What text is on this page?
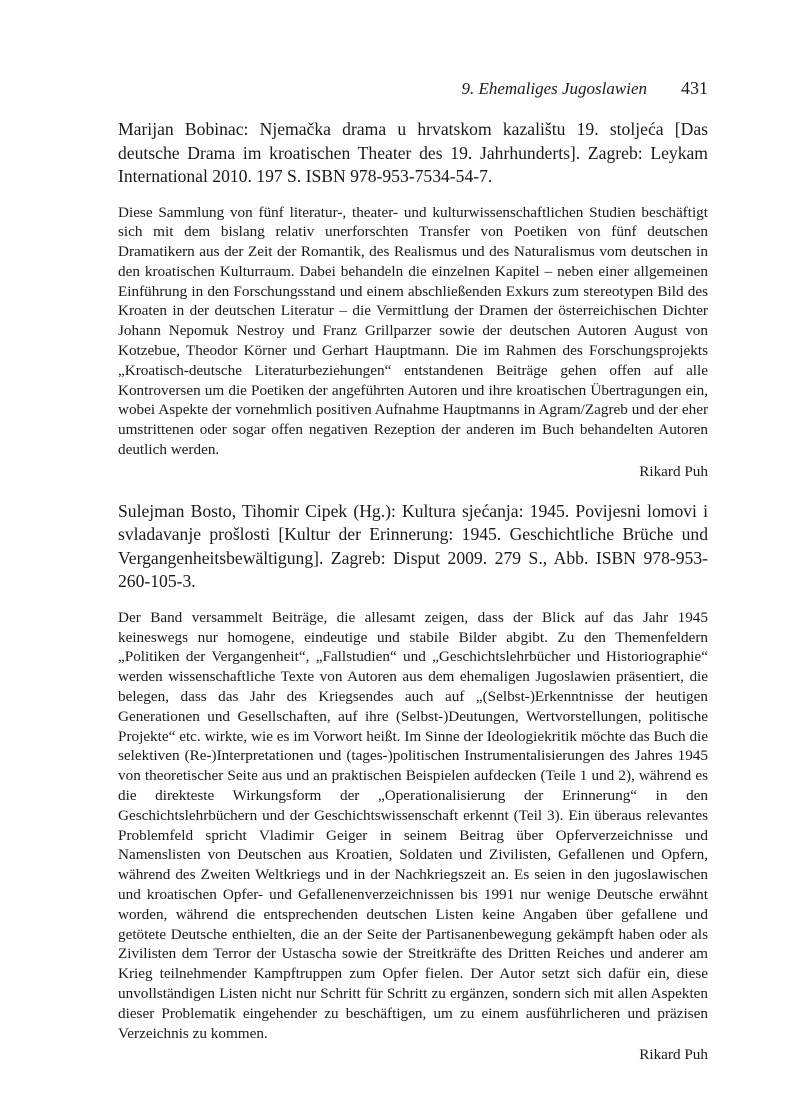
9. Ehemaliges Jugoslawien 431

Marijan Bobinac: Njemačka drama u hrvatskom kazalištu 19. stoljeća [Das deutsche Drama im kroatischen Theater des 19. Jahrhunderts]. Zagreb: Leykam International 2010. 197 S. ISBN 978-953-7534-54-7.

Diese Sammlung von fünf literatur-, theater- und kulturwissenschaftlichen Studien beschäftigt sich mit dem bislang relativ unerforschten Transfer von Poetiken von fünf deutschen Dramatikern aus der Zeit der Romantik, des Realismus und des Naturalismus vom deutschen in den kroatischen Kulturraum. Dabei behandeln die einzelnen Kapitel – neben einer allgemeinen Einführung in den Forschungsstand und einem abschließenden Exkurs zum stereotypen Bild des Kroaten in der deutschen Literatur – die Vermittlung der Dramen der österreichischen Dichter Johann Nepomuk Nestroy und Franz Grillparzer sowie der deutschen Autoren August von Kotzebue, Theodor Körner und Gerhart Hauptmann. Die im Rahmen des Forschungsprojekts „Kroatisch-deutsche Literaturbeziehungen“ entstandenen Beiträge gehen offen auf alle Kontroversen um die Poetiken der angeführten Autoren und ihre kroatischen Übertragungen ein, wobei Aspekte der vornehmlich positiven Aufnahme Hauptmanns in Agram/Zagreb und der eher umstrittenen oder sogar offen negativen Rezeption der anderen im Buch behandelten Autoren deutlich werden.

Rikard Puh

Sulejman Bosto, Tihomir Cipek (Hg.): Kultura sjećanja: 1945. Povijesni lomovi i svladavanje prošlosti [Kultur der Erinnerung: 1945. Geschichtliche Brüche und Vergangenheitsbewältigung]. Zagreb: Disput 2009. 279 S., Abb. ISBN 978-953-260-105-3.

Der Band versammelt Beiträge, die allesamt zeigen, dass der Blick auf das Jahr 1945 keineswegs nur homogene, eindeutige und stabile Bilder abgibt. Zu den Themenfeldern „Politiken der Vergangenheit“, „Fallstudien“ und „Geschichtslehrbücher und Historiographie“ werden wissenschaftliche Texte von Autoren aus dem ehemaligen Jugoslawien präsentiert, die belegen, dass das Jahr des Kriegsendes auch auf „(Selbst-)Erkenntnisse der heutigen Generationen und Gesellschaften, auf ihre (Selbst-)Deutungen, Wertvorstellungen, politische Projekte“ etc. wirkte, wie es im Vorwort heißt. Im Sinne der Ideologiekritik möchte das Buch die selektiven (Re-)Interpretationen und (tages-)politischen Instrumentalisierungen des Jahres 1945 von theoretischer Seite aus und an praktischen Beispielen aufdecken (Teile 1 und 2), während es die direkteste Wirkungsform der „Operationalisierung der Erinnerung“ in den Geschichtslehrbüchern und der Geschichtswissenschaft erkennt (Teil 3). Ein überaus relevantes Problemfeld spricht Vladimir Geiger in seinem Beitrag über Opferverzeichnisse und Namenslisten von Deutschen aus Kroatien, Soldaten und Zivilisten, Gefallenen und Opfern, während des Zweiten Weltkriegs und in der Nachkriegszeit an. Es seien in den jugoslawischen und kroatischen Opfer- und Gefallenenverzeichnissen bis 1991 nur wenige Deutsche erwähnt worden, während die entsprechenden deutschen Listen keine Angaben über gefallene und getötete Deutsche enthielten, die an der Seite der Partisanenbewegung gekämpft haben oder als Zivilisten dem Terror der Ustascha sowie der Streitkräfte des Dritten Reiches und anderer am Krieg teilnehmender Kampftruppen zum Opfer fielen. Der Autor setzt sich dafür ein, diese unvollständigen Listen nicht nur Schritt für Schritt zu ergänzen, sondern sich mit allen Aspekten dieser Problematik eingehender zu beschäftigen, um zu einem ausführlicheren und präzisen Verzeichnis zu kommen.

Rikard Puh
